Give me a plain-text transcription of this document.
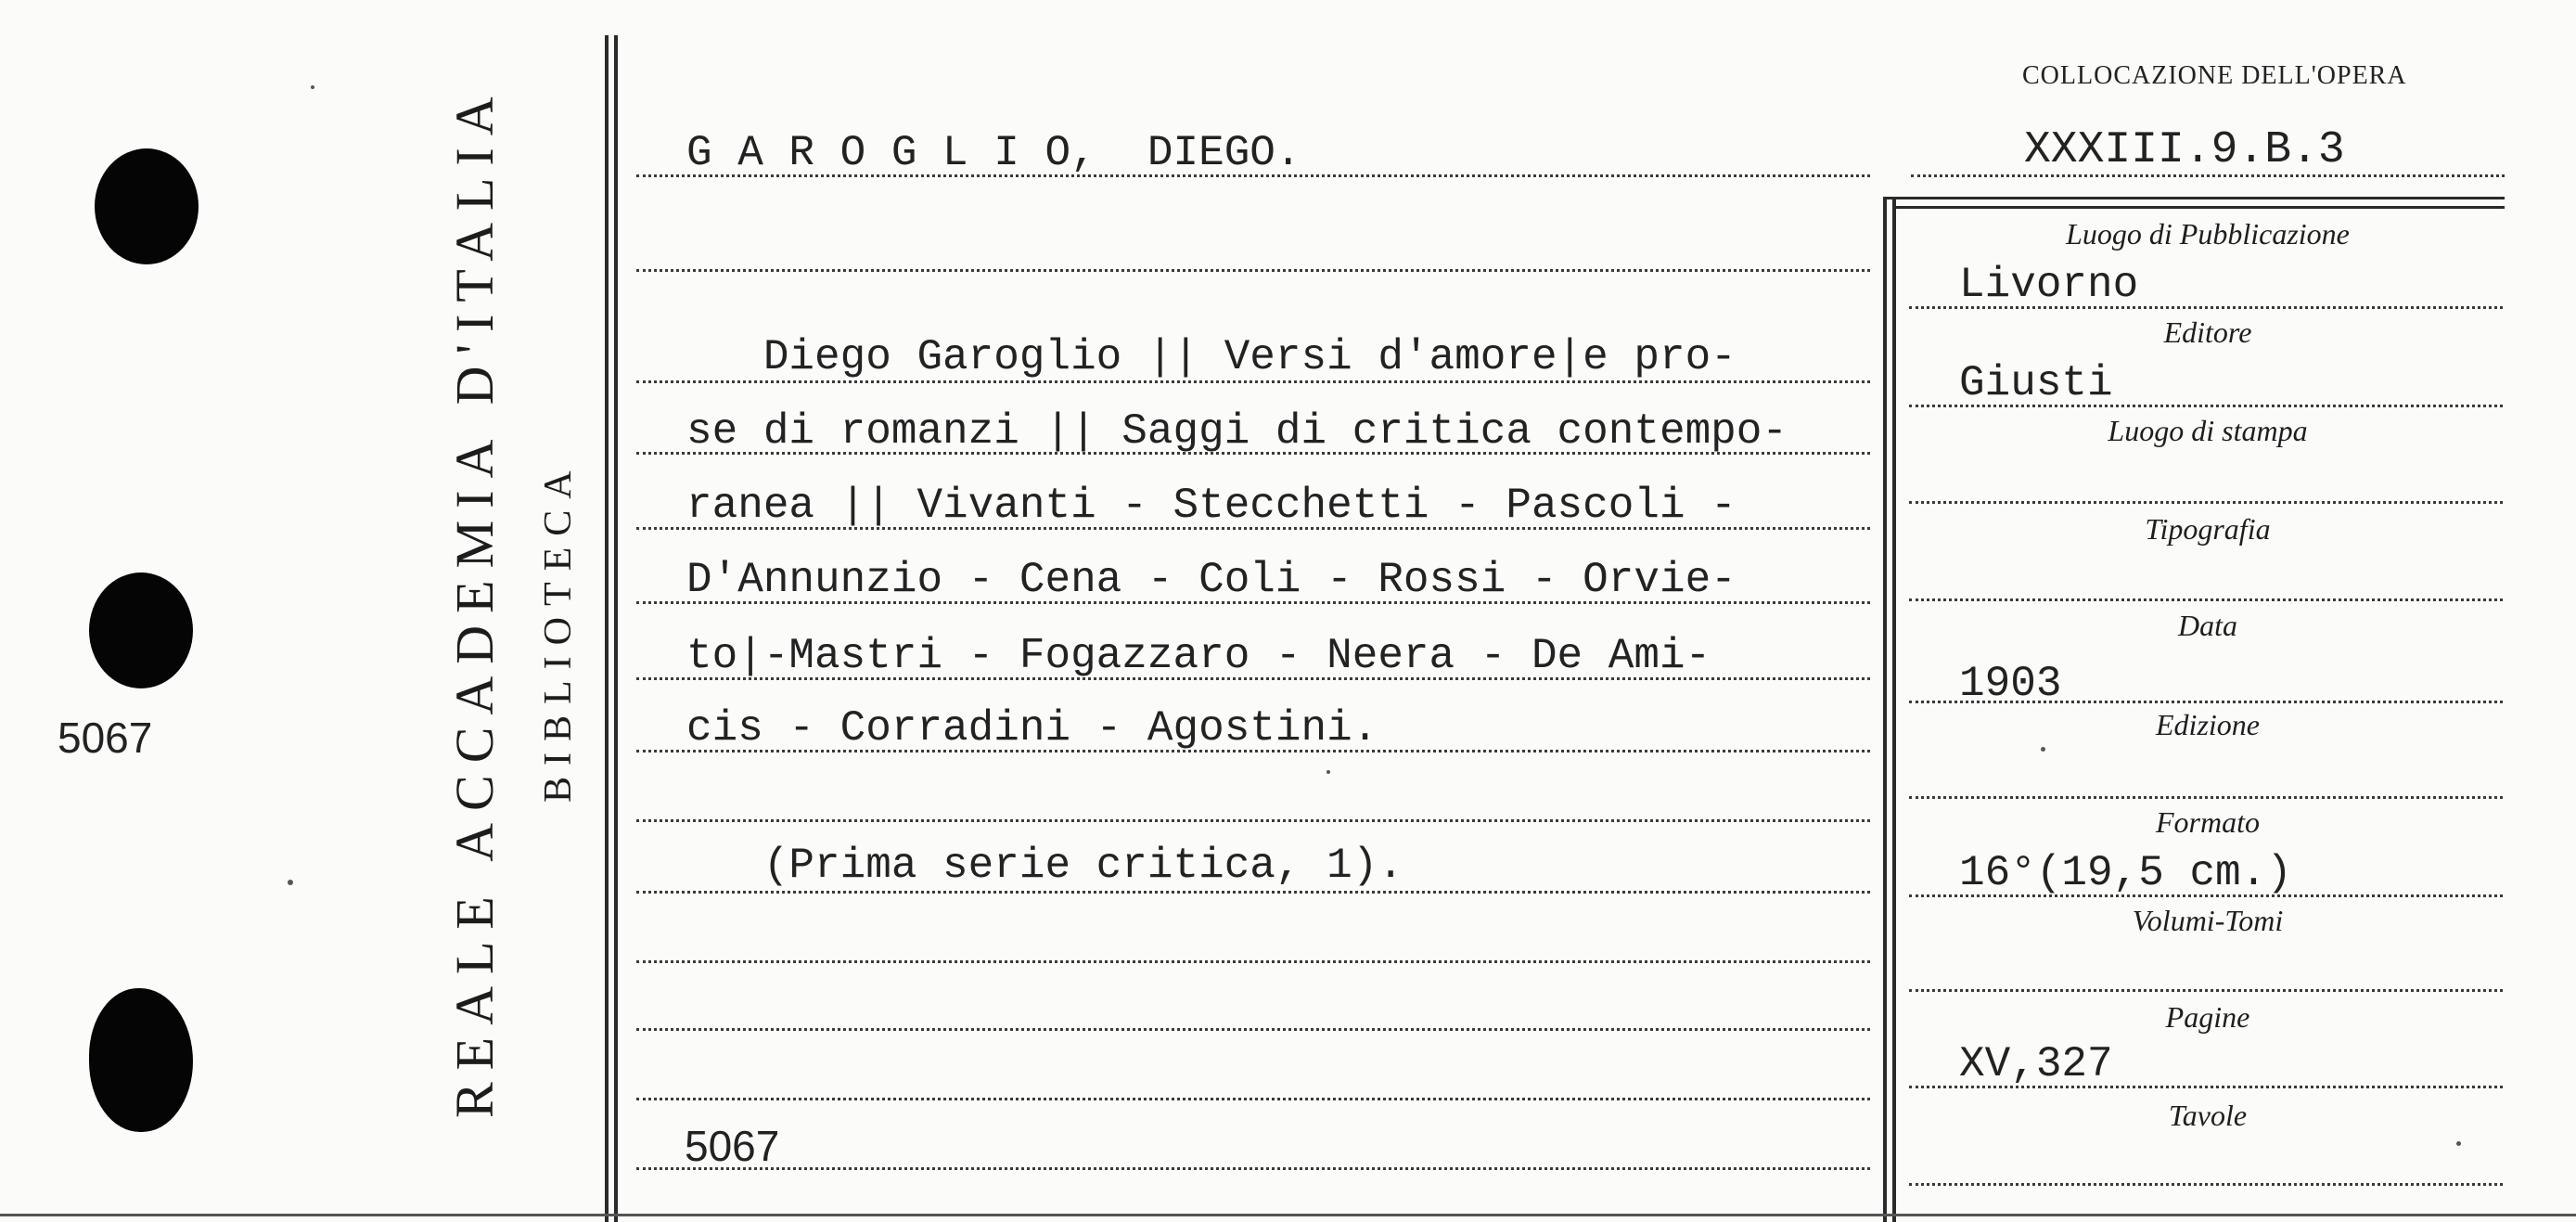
5067	REALE ACCADEMIA D'ITALIA BIBLIOTECA
COLLOCAZIONE DELL'OPERA
XXXIII.9.B.3
G A R O G L I O,  DIEGO.
Diego Garoglio || Versi d'amore|e pro-
se di romanzi || Saggi di critica contempo-
ranea || Vivanti - Stecchetti - Pascoli -
D'Annunzio - Cena - Coli - Rossi - Orvie-
to|-Mastri - Fogazzaro - Neera - De Ami-
cis - Corradini - Agostini.
(Prima serie critica, 1).
5067
Luogo di Pubblicazione
Livorno
Editore
Giusti
Luogo di stampa
Tipografia
Data
1903
Edizione
Formato
16°(19,5 cm.)
Volumi-Tomi
Pagine
XV,327
Tavole
